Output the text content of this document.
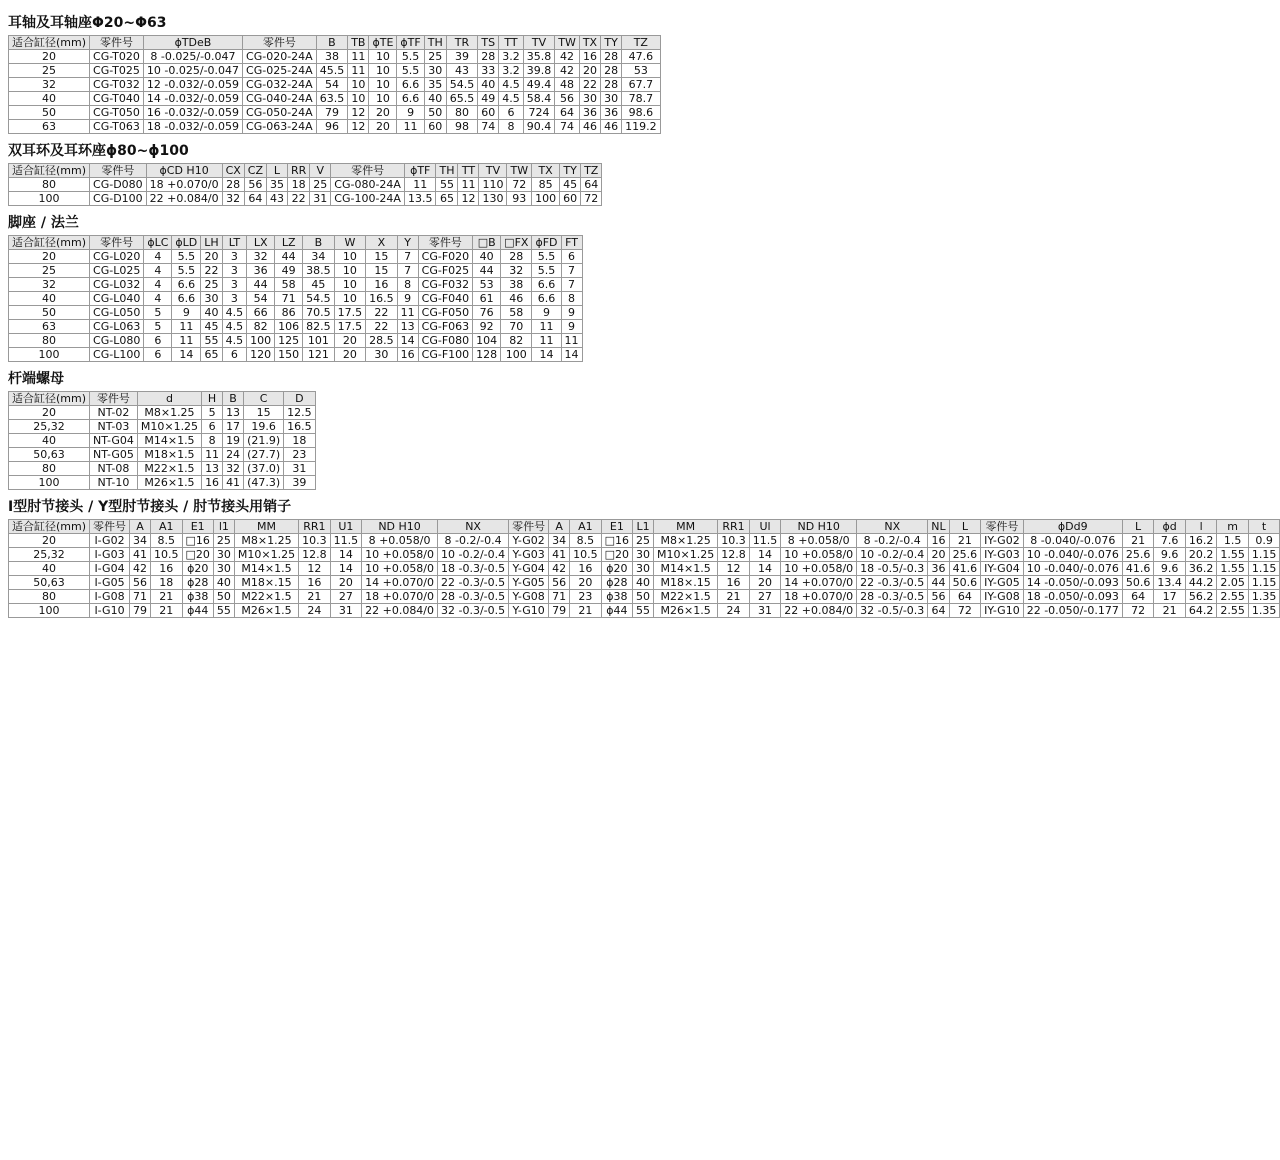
耳轴及耳轴座Φ20~Φ63
适合缸径(mm)	零件号	ϕTDeB	零件号	B	TB	ϕTE	ϕTF	TH	TR	TS	TT	TV	TW	TX	TY	TZ
20	CG-T020	8 -0.025/-0.047	CG-020-24A	38	11	10	5.5	25	39	28	3.2	35.8	42	16	28	47.6
25	CG-T025	10 -0.025/-0.047	CG-025-24A	45.5	11	10	5.5	30	43	33	3.2	39.8	42	20	28	53
32	CG-T032	12 -0.032/-0.059	CG-032-24A	54	10	10	6.6	35	54.5	40	4.5	49.4	48	22	28	67.7
40	CG-T040	14 -0.032/-0.059	CG-040-24A	63.5	10	10	6.6	40	65.5	49	4.5	58.4	56	30	30	78.7
50	CG-T050	16 -0.032/-0.059	CG-050-24A	79	12	20	9	50	80	60	6	724	64	36	36	98.6
63	CG-T063	18 -0.032/-0.059	CG-063-24A	96	12	20	11	60	98	74	8	90.4	74	46	46	119.2
双耳环及耳环座ϕ80~ϕ100
适合缸径(mm)	零件号	ϕCD H10	CX	CZ	L	RR	V	零件号	ϕTF	TH	TT	TV	TW	TX	TY	TZ
80	CG-D080	18 +0.070/0	28	56	35	18	25	CG-080-24A	11	55	11	110	72	85	45	64
100	CG-D100	22 +0.084/0	32	64	43	22	31	CG-100-24A	13.5	65	12	130	93	100	60	72
脚座 / 法兰
适合缸径(mm)	零件号	ϕLC	ϕLD	LH	LT	LX	LZ	B	W	X	Y	零件号	□B	□FX	ϕFD	FT
20	CG-L020	4	5.5	20	3	32	44	34	10	15	7	CG-F020	40	28	5.5	6
25	CG-L025	4	5.5	22	3	36	49	38.5	10	15	7	CG-F025	44	32	5.5	7
32	CG-L032	4	6.6	25	3	44	58	45	10	16	8	CG-F032	53	38	6.6	7
40	CG-L040	4	6.6	30	3	54	71	54.5	10	16.5	9	CG-F040	61	46	6.6	8
50	CG-L050	5	9	40	4.5	66	86	70.5	17.5	22	11	CG-F050	76	58	9	9
63	CG-L063	5	11	45	4.5	82	106	82.5	17.5	22	13	CG-F063	92	70	11	9
80	CG-L080	6	11	55	4.5	100	125	101	20	28.5	14	CG-F080	104	82	11	11
100	CG-L100	6	14	65	6	120	150	121	20	30	16	CG-F100	128	100	14	14
杆端螺母
适合缸径(mm)	零件号	d	H	B	C	D
20	NT-02	M8×1.25	5	13	15	12.5
25,32	NT-03	M10×1.25	6	17	19.6	16.5
40	NT-G04	M14×1.5	8	19	(21.9)	18
50,63	NT-G05	M18×1.5	11	24	(27.7)	23
80	NT-08	M22×1.5	13	32	(37.0)	31
100	NT-10	M26×1.5	16	41	(47.3)	39
I型肘节接头 / Y型肘节接头 / 肘节接头用销子
适合缸径(mm)	零件号	A	A1	E1	l1	MM	RR1	U1	ND H10	NX	零件号	A	A1	E1	L1	MM	RR1	Ul	ND H10	NX	NL	L	零件号	ϕDd9	L	ϕd	l	m	t
20	I-G02	34	8.5	□16	25	M8×1.25	10.3	11.5	8 +0.058/0	8 -0.2/-0.4	Y-G02	34	8.5	□16	25	M8×1.25	10.3	11.5	8 +0.058/0	8 -0.2/-0.4	16	21	IY-G02	8 -0.040/-0.076	21	7.6	16.2	1.5	0.9
25,32	I-G03	41	10.5	□20	30	M10×1.25	12.8	14	10 +0.058/0	10 -0.2/-0.4	Y-G03	41	10.5	□20	30	M10×1.25	12.8	14	10 +0.058/0	10 -0.2/-0.4	20	25.6	IY-G03	10 -0.040/-0.076	25.6	9.6	20.2	1.55	1.15
40	I-G04	42	16	ϕ20	30	M14×1.5	12	14	10 +0.058/0	18 -0.3/-0.5	Y-G04	42	16	ϕ20	30	M14×1.5	12	14	10 +0.058/0	18 -0.5/-0.3	36	41.6	IY-G04	10 -0.040/-0.076	41.6	9.6	36.2	1.55	1.15
50,63	I-G05	56	18	ϕ28	40	M18×.15	16	20	14 +0.070/0	22 -0.3/-0.5	Y-G05	56	20	ϕ28	40	M18×.15	16	20	14 +0.070/0	22 -0.3/-0.5	44	50.6	IY-G05	14 -0.050/-0.093	50.6	13.4	44.2	2.05	1.15
80	I-G08	71	21	ϕ38	50	M22×1.5	21	27	18 +0.070/0	28 -0.3/-0.5	Y-G08	71	23	ϕ38	50	M22×1.5	21	27	18 +0.070/0	28 -0.3/-0.5	56	64	IY-G08	18 -0.050/-0.093	64	17	56.2	2.55	1.35
100	I-G10	79	21	ϕ44	55	M26×1.5	24	31	22 +0.084/0	32 -0.3/-0.5	Y-G10	79	21	ϕ44	55	M26×1.5	24	31	22 +0.084/0	32 -0.5/-0.3	64	72	IY-G10	22 -0.050/-0.177	72	21	64.2	2.55	1.35
